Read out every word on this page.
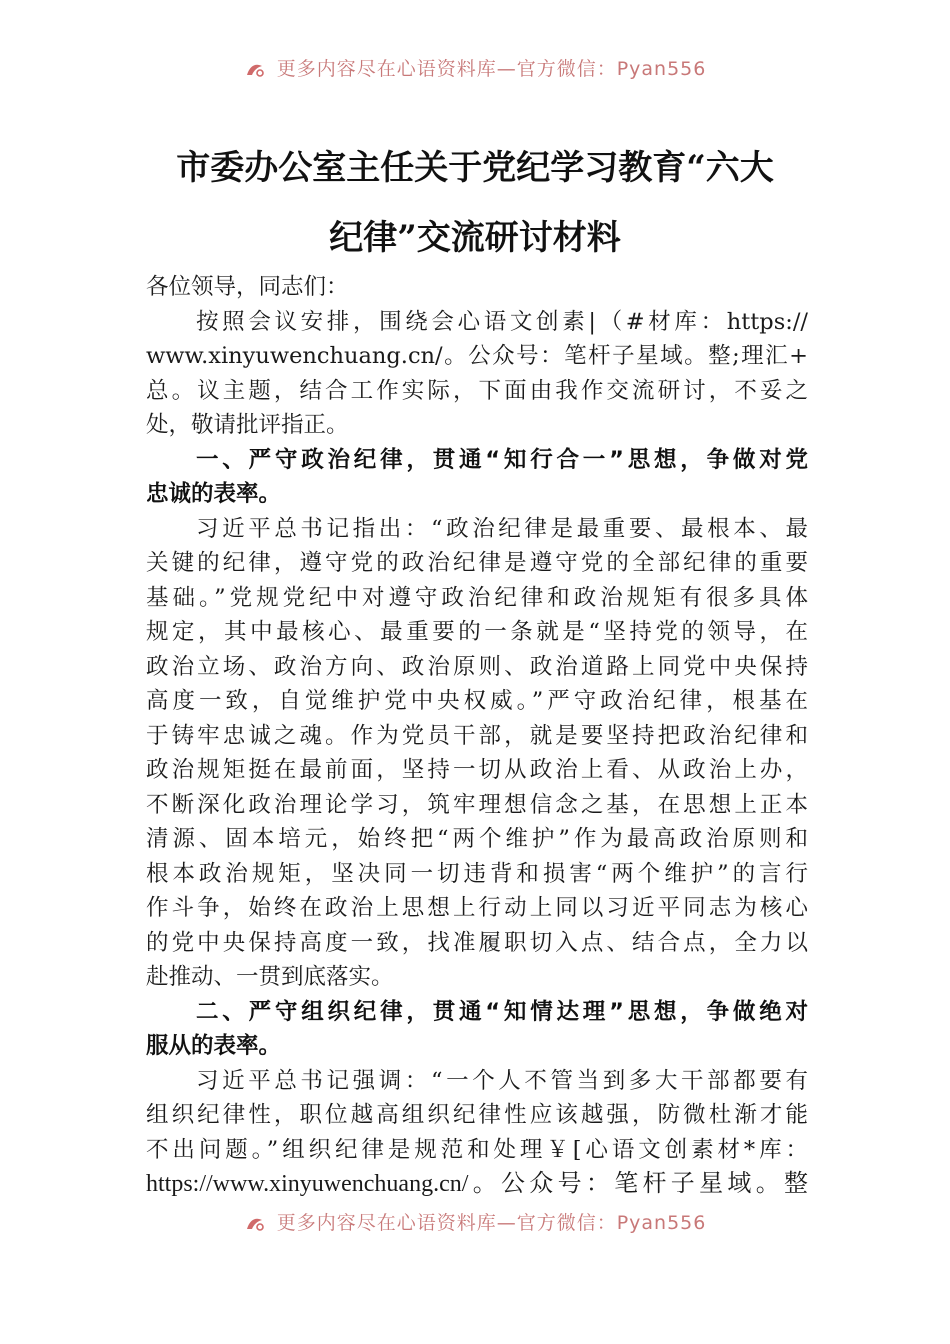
更多内容尽在心语资料库—官方微信：Pyan556
市委办公室主任关于党纪学习教育“六大
纪律”交流研讨材料
各位领导，同志们：
按照会议安排，围绕会心语文创素|（#材库：https://
www.xinyuwenchuang.cn/。公众号：笔杆子星域。整;理汇+
总。议主题，结合工作实际，下面由我作交流研讨，不妥之
处，敬请批评指正。
一、严守政治纪律，贯通“知行合一”思想，争做对党
忠诚的表率。
习近平总书记指出：“政治纪律是最重要、最根本、最
关键的纪律，遵守党的政治纪律是遵守党的全部纪律的重要
基础。”党规党纪中对遵守政治纪律和政治规矩有很多具体
规定，其中最核心、最重要的一条就是“坚持党的领导，在
政治立场、政治方向、政治原则、政治道路上同党中央保持
高度一致，自觉维护党中央权威。”严守政治纪律，根基在
于铸牢忠诚之魂。作为党员干部，就是要坚持把政治纪律和
政治规矩挺在最前面，坚持一切从政治上看、从政治上办，
不断深化政治理论学习，筑牢理想信念之基，在思想上正本
清源、固本培元，始终把“两个维护”作为最高政治原则和
根本政治规矩，坚决同一切违背和损害“两个维护”的言行
作斗争，始终在政治上思想上行动上同以习近平同志为核心
的党中央保持高度一致，找准履职切入点、结合点，全力以
赴推动、一贯到底落实。
二、严守组织纪律，贯通“知情达理”思想，争做绝对
服从的表率。
习近平总书记强调：“一个人不管当到多大干部都要有
组织纪律性，职位越高组织纪律性应该越强，防微杜渐才能
不出问题。”组织纪律是规范和处理￥[心语文创素材*库：
https://www.xinyuwenchuang.cn/。公众号：笔杆子星域。整
更多内容尽在心语资料库—官方微信：Pyan556
